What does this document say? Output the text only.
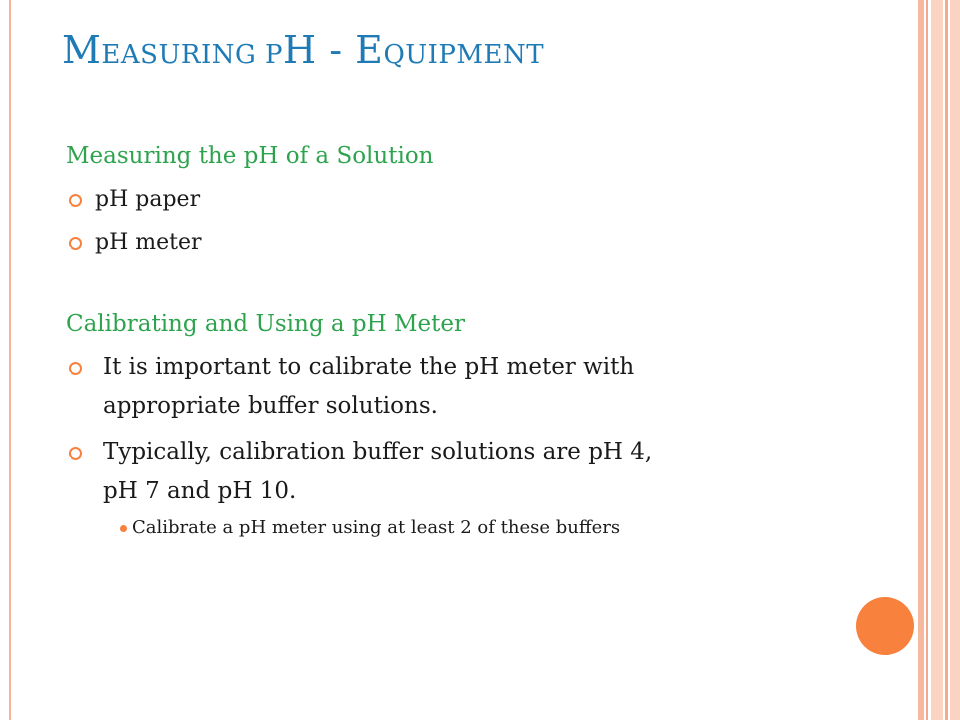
MEASURING PH - EQUIPMENT
Measuring the pH of a Solution
pH paper
pH meter
Calibrating and Using a pH Meter
It is important to calibrate the pH meter with
appropriate buffer solutions.
Typically, calibration buffer solutions are pH 4,
pH 7 and pH 10.
Calibrate a pH meter using at least 2 of these buffers
